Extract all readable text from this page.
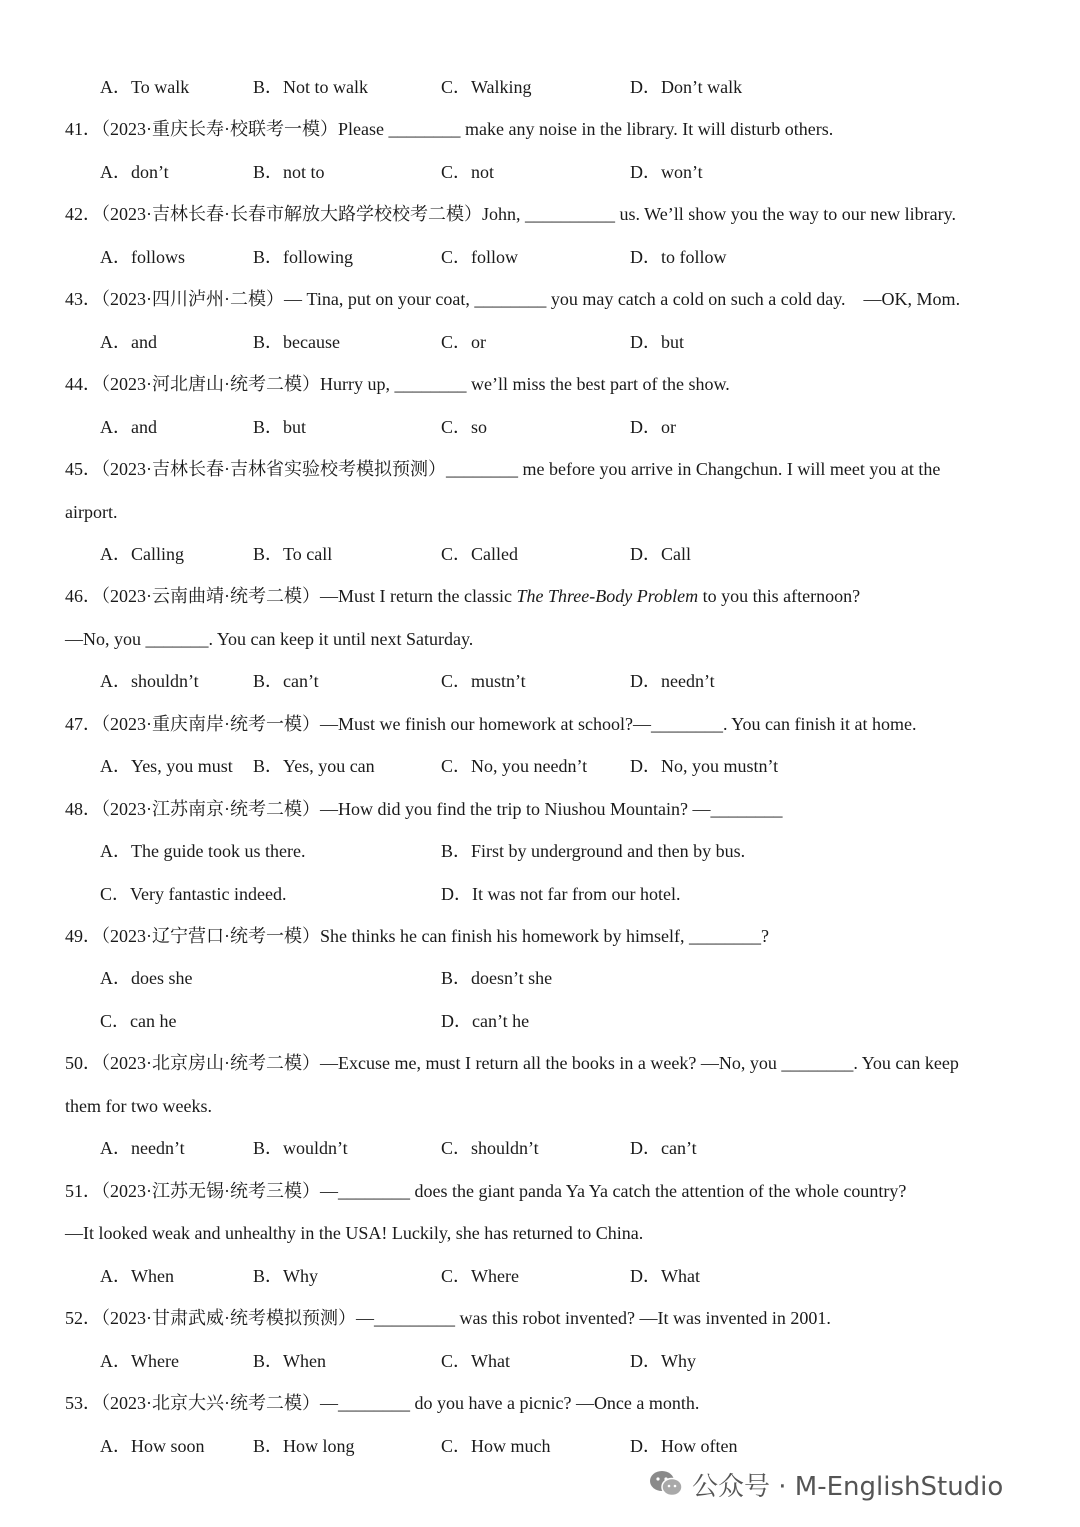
A．To walk	B．Not to walk	C．Walking	D．Don’t walk
41．（2023·重庆长寿·校联考一模）Please ________ make any noise in the library. It will disturb others.
A．don’t	B．not to	C．not	D．won’t
42．（2023·吉林长春·长春市解放大路学校校考二模）John, __________ us. We’ll show you the way to our new library.
A．follows	B．following	C．follow	D．to follow
43．（2023·四川泸州·二模）— Tina, put on your coat, ________ you may catch a cold on such a cold day.　—OK, Mom.
A．and	B．because	C．or	D．but
44．（2023·河北唐山·统考二模）Hurry up, ________ we’ll miss the best part of the show.
A．and	B．but	C．so	D．or
45．（2023·吉林长春·吉林省实验校考模拟预测）________ me before you arrive in Changchun. I will meet you at the
airport.
A．Calling	B．To call	C．Called	D．Call
46．（2023·云南曲靖·统考二模）—Must I return the classic The Three-Body Problem to you this afternoon?
—No, you _______. You can keep it until next Saturday.
A．shouldn’t	B．can’t	C．mustn’t	D．needn’t
47．（2023·重庆南岸·统考一模）—Must we finish our homework at school?—________. You can finish it at home.
A．Yes, you must B．Yes, you can	C．No, you needn’t D．No, you mustn’t
48．（2023·江苏南京·统考二模）—How did you find the trip to Niushou Mountain? —________
A．The guide took us there.	B．First by underground and then by bus.
C．Very fantastic indeed.	D．It was not far from our hotel.
49．（2023·辽宁营口·统考一模）She thinks he can finish his homework by himself, ________?
A．does she	B．doesn’t she
C．can he	D．can’t he
50．（2023·北京房山·统考二模）—Excuse me, must I return all the books in a week? —No, you ________. You can keep
them for two weeks.
A．needn’t	B．wouldn’t	C．shouldn’t	D．can’t
51．（2023·江苏无锡·统考三模）—________ does the giant panda Ya Ya catch the attention of the whole country?
—It looked weak and unhealthy in the USA! Luckily, she has returned to China.
A．When	B．Why	C．Where	D．What
52．（2023·甘肃武威·统考模拟预测）—_________ was this robot invented? —It was invented in 2001.
A．Where	B．When	C．What	D．Why
53．（2023·北京大兴·统考二模）—________ do you have a picnic? —Once a month.
A．How soon	B．How long	C．How much	D．How often
公众号 · M-EnglishStudio
